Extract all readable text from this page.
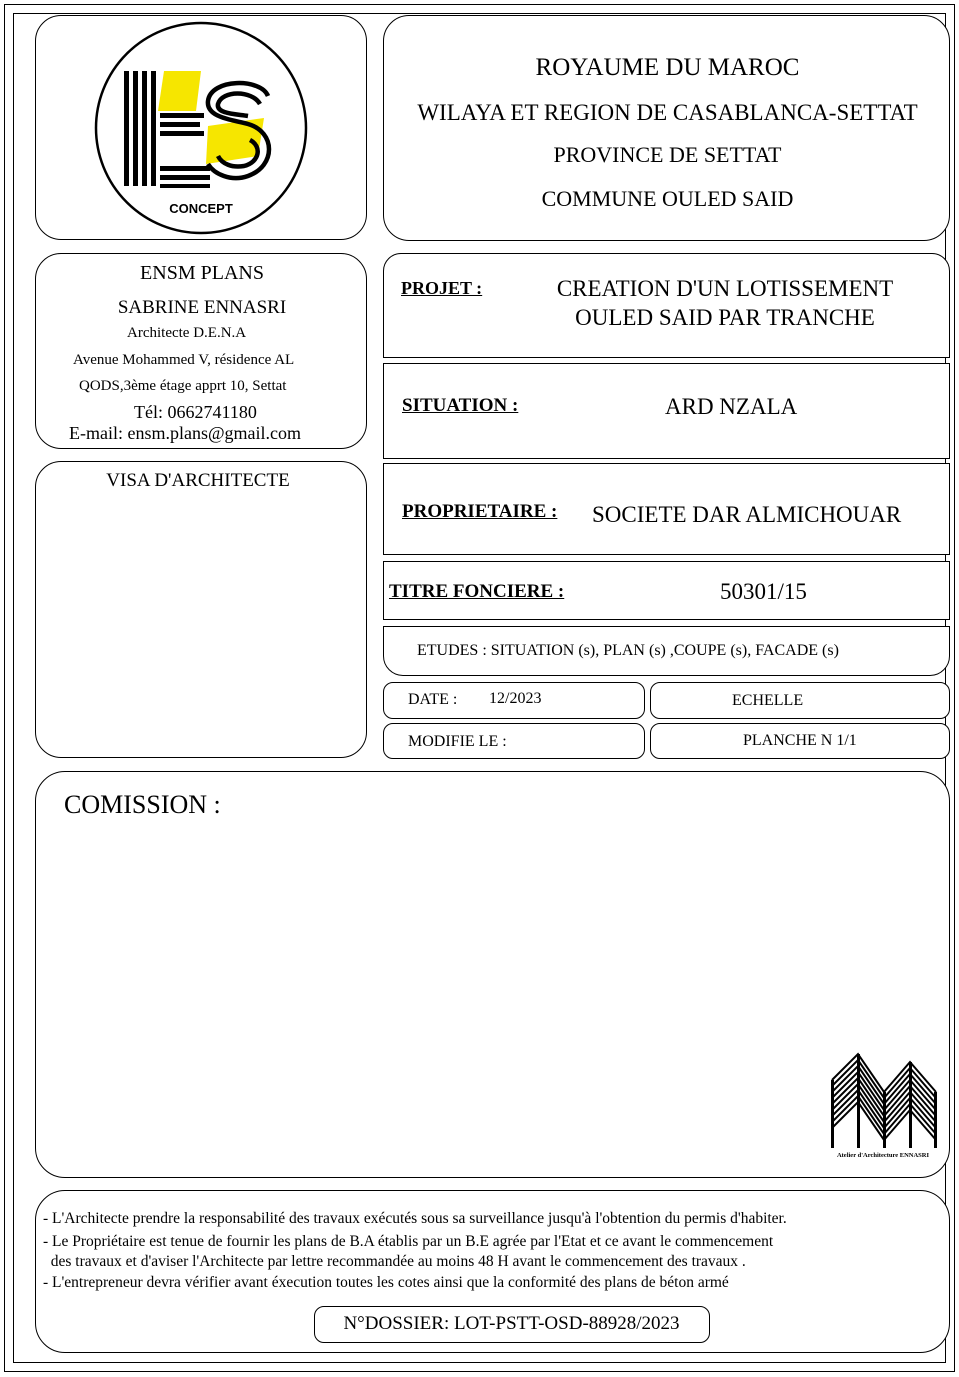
CONCEPT
ROYAUME DU MAROC
WILAYA ET REGION DE CASABLANCA-SETTAT
PROVINCE DE SETTAT
COMMUNE OULED SAID
ENSM PLANS
SABRINE ENNASRI
Architecte D.E.N.A
Avenue Mohammed V, résidence AL
QODS,3ème étage apprt 10, Settat
Tél: 0662741180
E-mail: ensm.plans@gmail.com
VISA D'ARCHITECTE
PROJET :	CREATION D'UN LOTISSEMENT
OULED SAID PAR TRANCHE
SITUATION :	ARD NZALA
PROPRIETAIRE : SOCIETE DAR ALMICHOUAR
TITRE FONCIERE :	50301/15
ETUDES : SITUATION (s), PLAN (s) ,COUPE (s), FACADE (s)
DATE : 12/2023	ECHELLE
MODIFIE LE :	PLANCHE N 1/1
COMISSION :
Atelier d'Architecture ENNASRI
- L'Architecte prendre la responsabilité des travaux exécutés sous sa surveillance jusqu'à l'obtention du permis d'habiter.
- Le Propriétaire est tenue de fournir les plans de B.A établis par un B.E agrée par l'Etat et ce avant le commencement
des travaux et d'aviser l'Architecte par lettre recommandée au moins 48 H avant le commencement des travaux .
- L'entrepreneur devra vérifier avant éxecution toutes les cotes ainsi que la conformité des plans de béton armé
N°DOSSIER: LOT-PSTT-OSD-88928/2023
